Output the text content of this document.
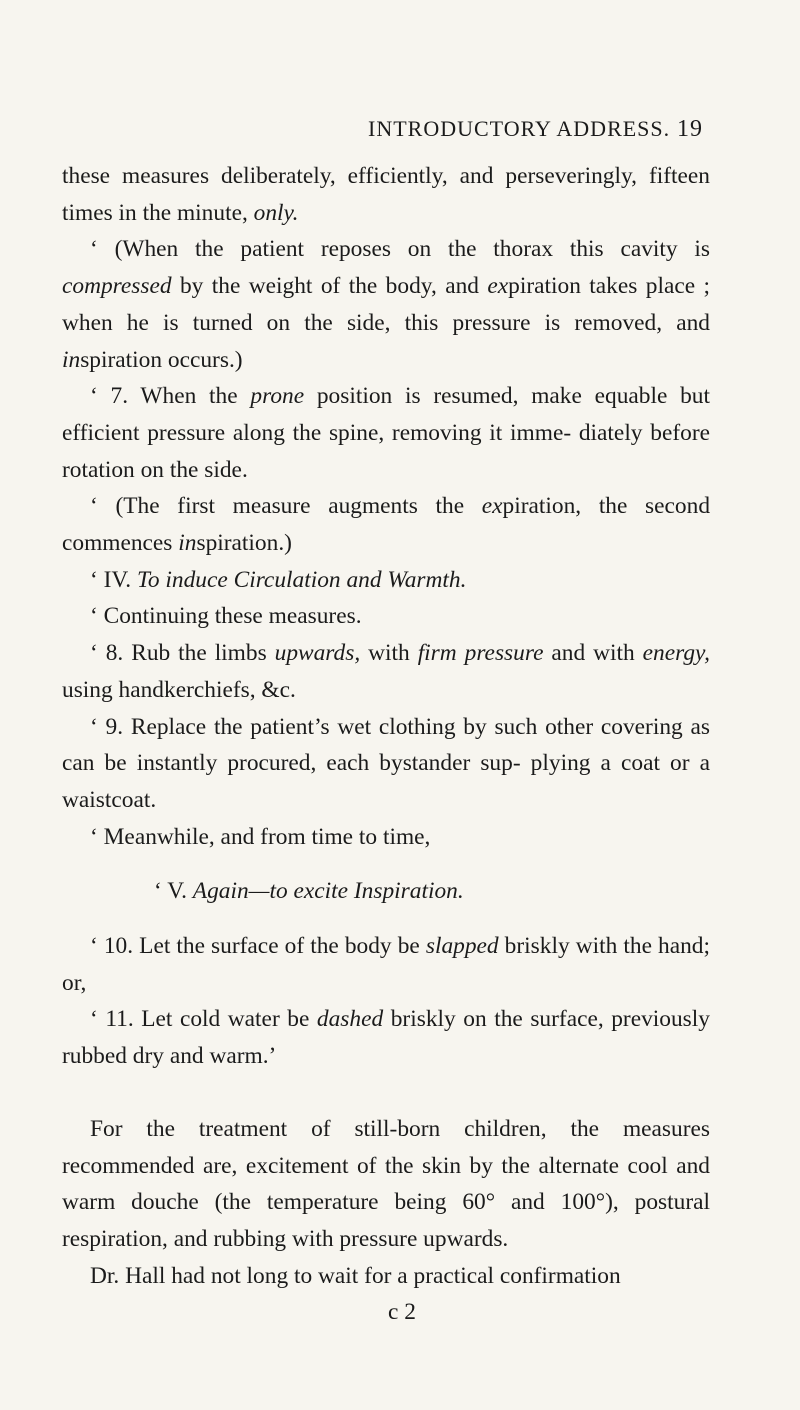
INTRODUCTORY ADDRESS. 19

these measures deliberately, efficiently, and perseveringly, fifteen times in the minute, only.

‘ (When the patient reposes on the thorax this cavity is compressed by the weight of the body, and expiration takes place ; when he is turned on the side, this pressure is removed, and inspiration occurs.)

‘ 7. When the prone position is resumed, make equable but efficient pressure along the spine, removing it imme- diately before rotation on the side.

‘ (The first measure augments the expiration, the second commences inspiration.)

‘ IV. To induce Circulation and Warmth.

‘ Continuing these measures.

‘ 8. Rub the limbs upwards, with firm pressure and with energy, using handkerchiefs, &c.

‘ 9. Replace the patient’s wet clothing by such other covering as can be instantly procured, each bystander sup- plying a coat or a waistcoat.

‘ Meanwhile, and from time to time,

‘ V. Again—to excite Inspiration.

‘ 10. Let the surface of the body be slapped briskly with the hand; or,

‘ 11. Let cold water be dashed briskly on the surface, previously rubbed dry and warm.’

For the treatment of still-born children, the measures recommended are, excitement of the skin by the alternate cool and warm douche (the temperature being 60° and 100°), postural respiration, and rubbing with pressure upwards.

Dr. Hall had not long to wait for a practical confirmation

c 2
